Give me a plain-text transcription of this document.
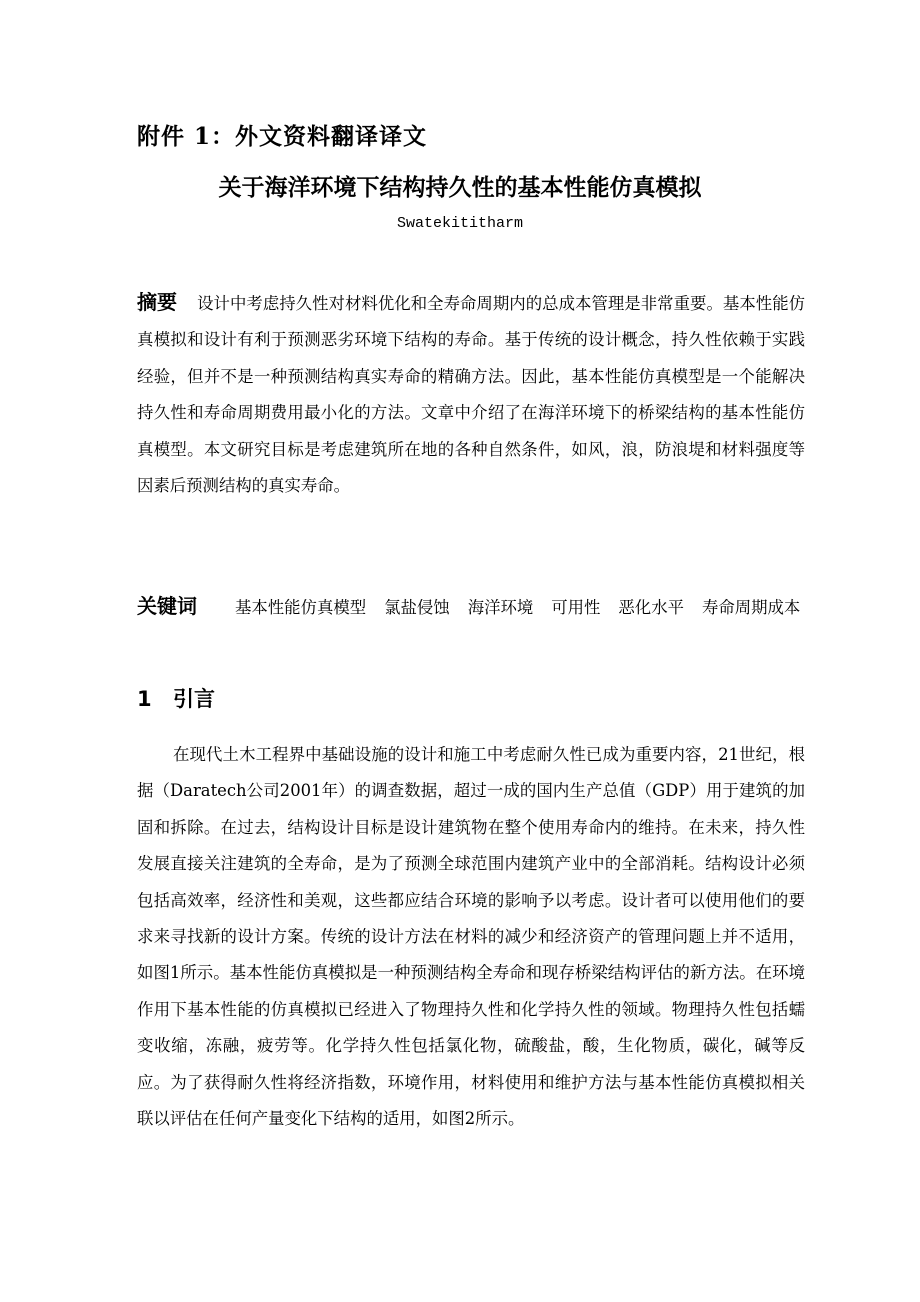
附件 1：外文资料翻译译文
关于海洋环境下结构持久性的基本性能仿真模拟
Swatekititharm
摘要 设计中考虑持久性对材料优化和全寿命周期内的总成本管理是非常重要。基本性能仿真模拟和设计有利于预测恶劣环境下结构的寿命。基于传统的设计概念，持久性依赖于实践经验，但并不是一种预测结构真实寿命的精确方法。因此，基本性能仿真模型是一个能解决持久性和寿命周期费用最小化的方法。文章中介绍了在海洋环境下的桥梁结构的基本性能仿真模型。本文研究目标是考虑建筑所在地的各种自然条件，如风，浪，防浪堤和材料强度等因素后预测结构的真实寿命。
关键词 基本性能仿真模型 氯盐侵蚀 海洋环境 可用性 恶化水平 寿命周期成本
1 引言
在现代土木工程界中基础设施的设计和施工中考虑耐久性已成为重要内容，21世纪，根据（Daratech公司2001年）的调查数据，超过一成的国内生产总值（GDP）用于建筑的加固和拆除。在过去，结构设计目标是设计建筑物在整个使用寿命内的维持。在未来，持久性发展直接关注建筑的全寿命，是为了预测全球范围内建筑产业中的全部消耗。结构设计必须包括高效率，经济性和美观，这些都应结合环境的影响予以考虑。设计者可以使用他们的要求来寻找新的设计方案。传统的设计方法在材料的减少和经济资产的管理问题上并不适用，如图1所示。基本性能仿真模拟是一种预测结构全寿命和现存桥梁结构评估的新方法。在环境作用下基本性能的仿真模拟已经进入了物理持久性和化学持久性的领域。物理持久性包括蠕变收缩，冻融，疲劳等。化学持久性包括氯化物，硫酸盐，酸，生化物质，碳化，碱等反应。为了获得耐久性将经济指数，环境作用，材料使用和维护方法与基本性能仿真模拟相关联以评估在任何产量变化下结构的适用，如图2所示。
